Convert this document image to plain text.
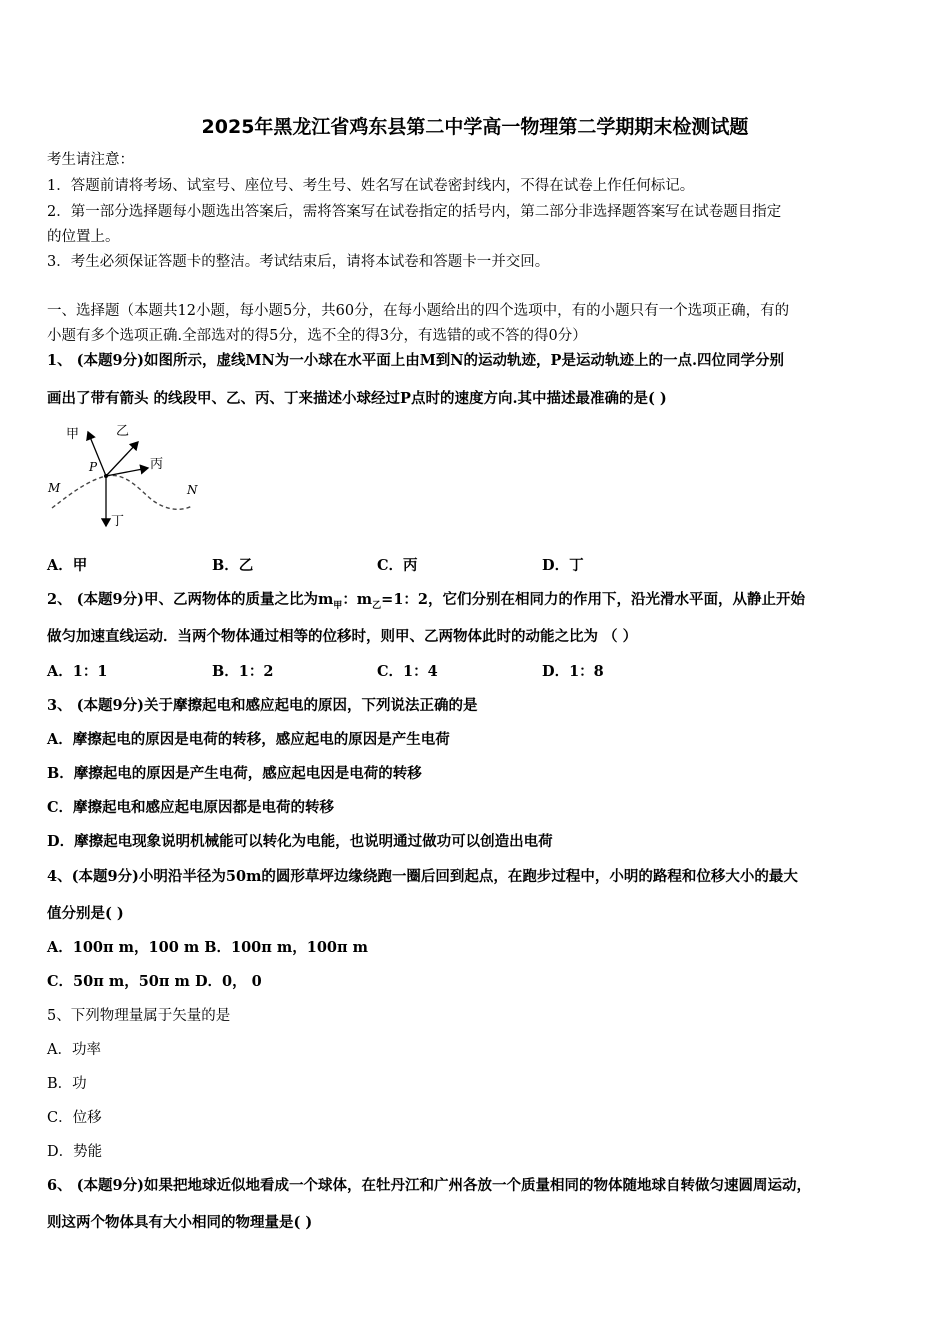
2025年黑龙江省鸡东县第二中学高一物理第二学期期末检测试题
考生请注意：
1．答题前请将考场、试室号、座位号、考生号、姓名写在试卷密封线内，不得在试卷上作任何标记。
2．第一部分选择题每小题选出答案后，需将答案写在试卷指定的括号内，第二部分非选择题答案写在试卷题目指定
的位置上。
3．考生必须保证答题卡的整洁。考试结束后，请将本试卷和答题卡一并交回。
一、选择题（本题共12小题，每小题5分，共60分，在每小题给出的四个选项中，有的小题只有一个选项正确，有的
小题有多个选项正确.全部选对的得5分，选不全的得3分，有选错的或不答的得0分）
1、 (本题9分)如图所示，虚线MN为一小球在水平面上由M到N的运动轨迹，P是运动轨迹上的一点.四位同学分别
画出了带有箭头 的线段甲、乙、丙、丁来描述小球经过P点时的速度方向.其中描述最准确的是( )
甲	乙
丙
丁
P
M	N
A．甲	B．乙	C．丙	D．丁
2、 (本题9分)甲、乙两物体的质量之比为$m_甲$：$m_乙=1$：2，它们分别在相同力的作用下，沿光滑水平面，从静止开始
做匀加速直线运动．当两个物体通过相等的位移时，则甲、乙两物体此时的动能之比为 （ ）
A．1：1	B．1：2	C．1：4	D．1：8
3、 (本题9分)关于摩擦起电和感应起电的原因，下列说法正确的是
A．摩擦起电的原因是电荷的转移，感应起电的原因是产生电荷
B．摩擦起电的原因是产生电荷，感应起电因是电荷的转移
C．摩擦起电和感应起电原因都是电荷的转移
D．摩擦起电现象说明机械能可以转化为电能，也说明通过做功可以创造出电荷
4、(本题9分)小明沿半径为50m的圆形草坪边缘绕跑一圈后回到起点，在跑步过程中，小明的路程和位移大小的最大
值分别是( )
A．100π m，100 m B．100π m，100π m
C．50π m，50π m D．0， 0
5、下列物理量属于矢量的是
A．功率
B．功
C．位移
D．势能
6、 (本题9分)如果把地球近似地看成一个球体，在牡丹江和广州各放一个质量相同的物体随地球自转做匀速圆周运动，
则这两个物体具有大小相同的物理量是( )
